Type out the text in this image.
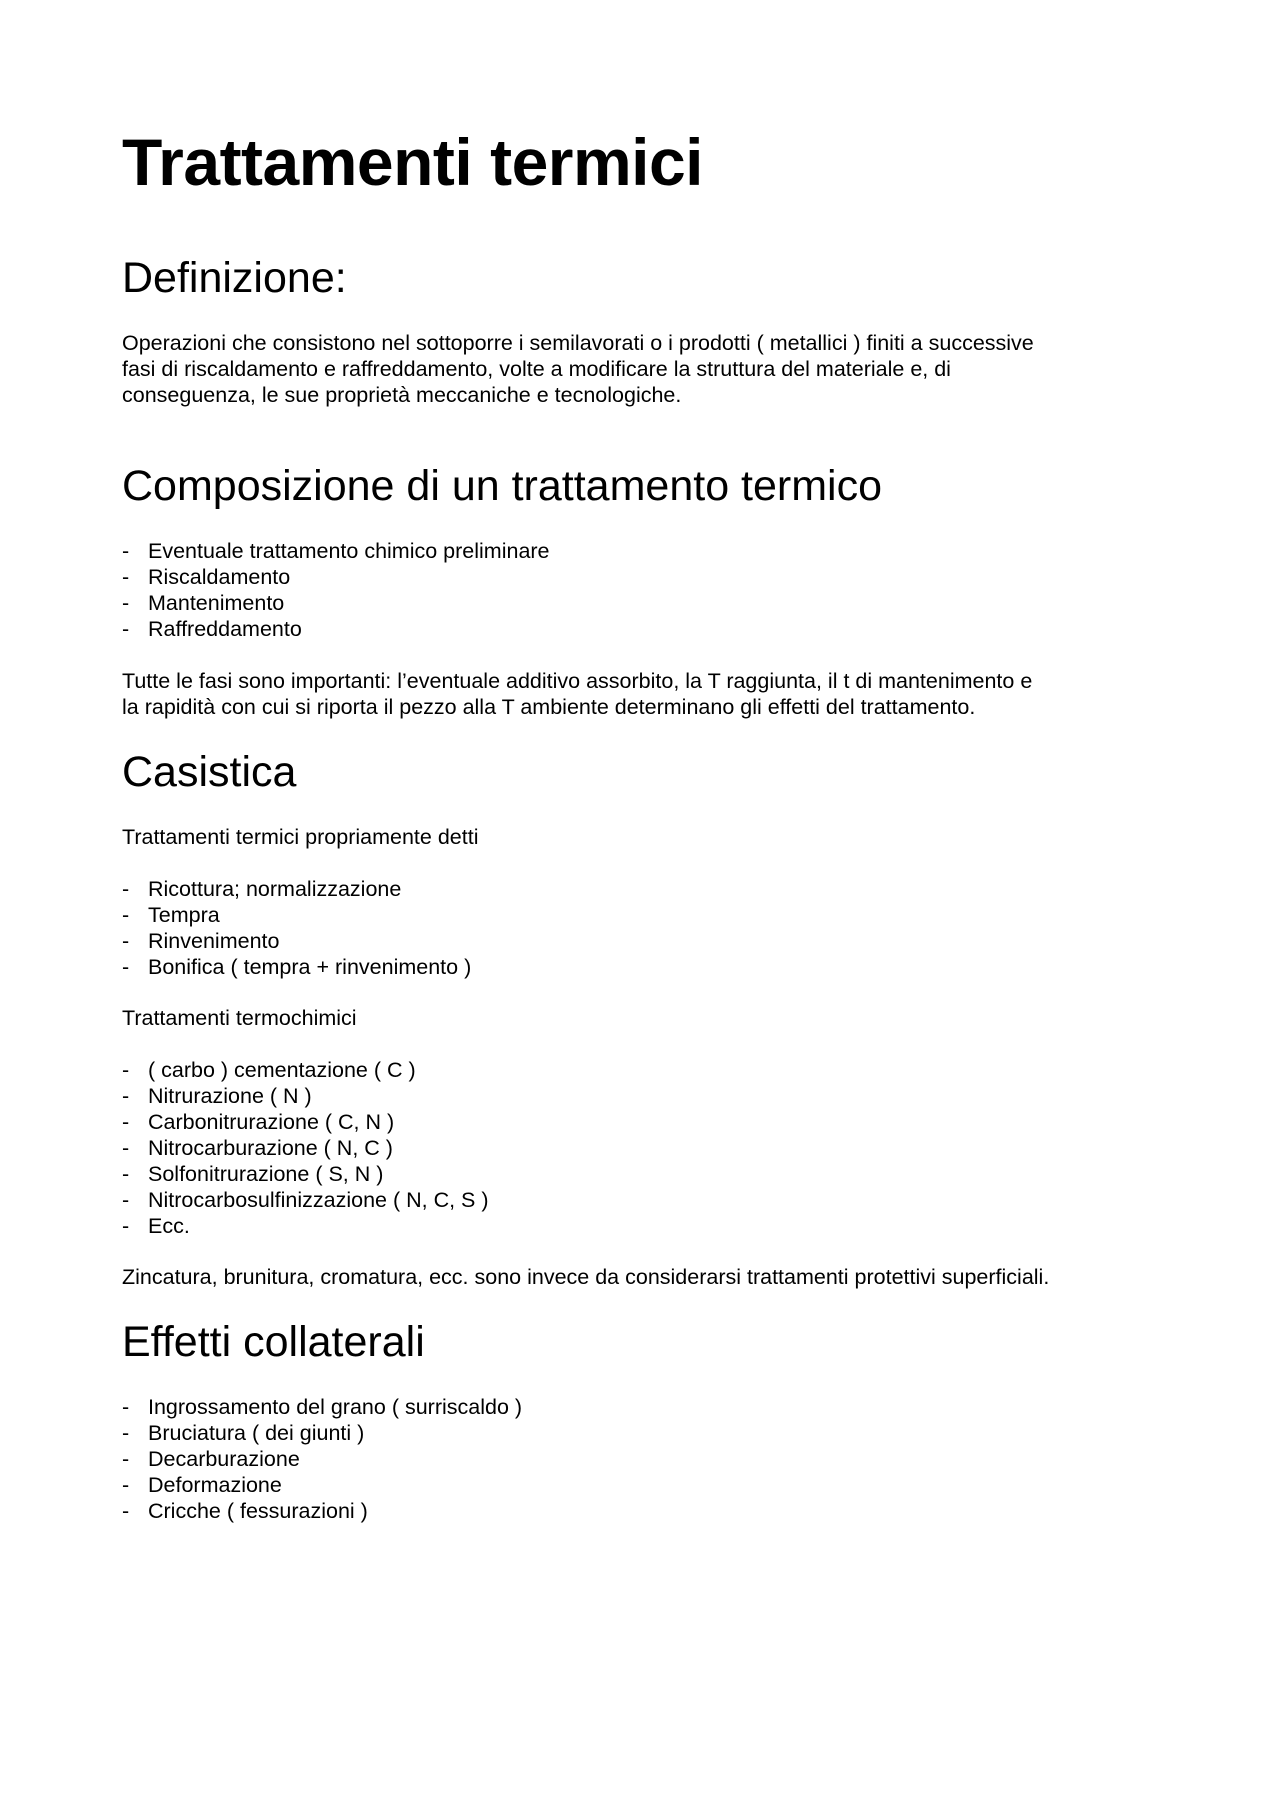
Trattamenti termici
Definizione:

Operazioni che consistono nel sottoporre i semilavorati o i prodotti ( metallici ) finiti a successive
fasi di riscaldamento e raffreddamento, volte a modificare la struttura del materiale e, di
conseguenza, le sue proprietà meccaniche e tecnologiche.

Composizione di un trattamento termico
- Eventuale trattamento chimico preliminare
- Riscaldamento
- Mantenimento
- Raffreddamento

Tutte le fasi sono importanti: l’eventuale additivo assorbito, la T raggiunta, il t di mantenimento e
la rapidità con cui si riporta il pezzo alla T ambiente determinano gli effetti del trattamento.

Casistica

Trattamenti termici propriamente detti

- Ricottura; normalizzazione
- Tempra
- Rinvenimento
- Bonifica ( tempra + rinvenimento )

Trattamenti termochimici

- ( carbo ) cementazione ( C )
- Nitrurazione ( N )
- Carbonitrurazione ( C, N )
- Nitrocarburazione ( N, C )
- Solfonitrurazione ( S, N )
- Nitrocarbosulfinizzazione ( N, C, S )
- Ecc.

Zincatura, brunitura, cromatura, ecc. sono invece da considerarsi trattamenti protettivi superficiali.

Effetti collaterali
- Ingrossamento del grano ( surriscaldo )
- Bruciatura ( dei giunti )
- Decarburazione
- Deformazione
- Cricche ( fessurazioni )
